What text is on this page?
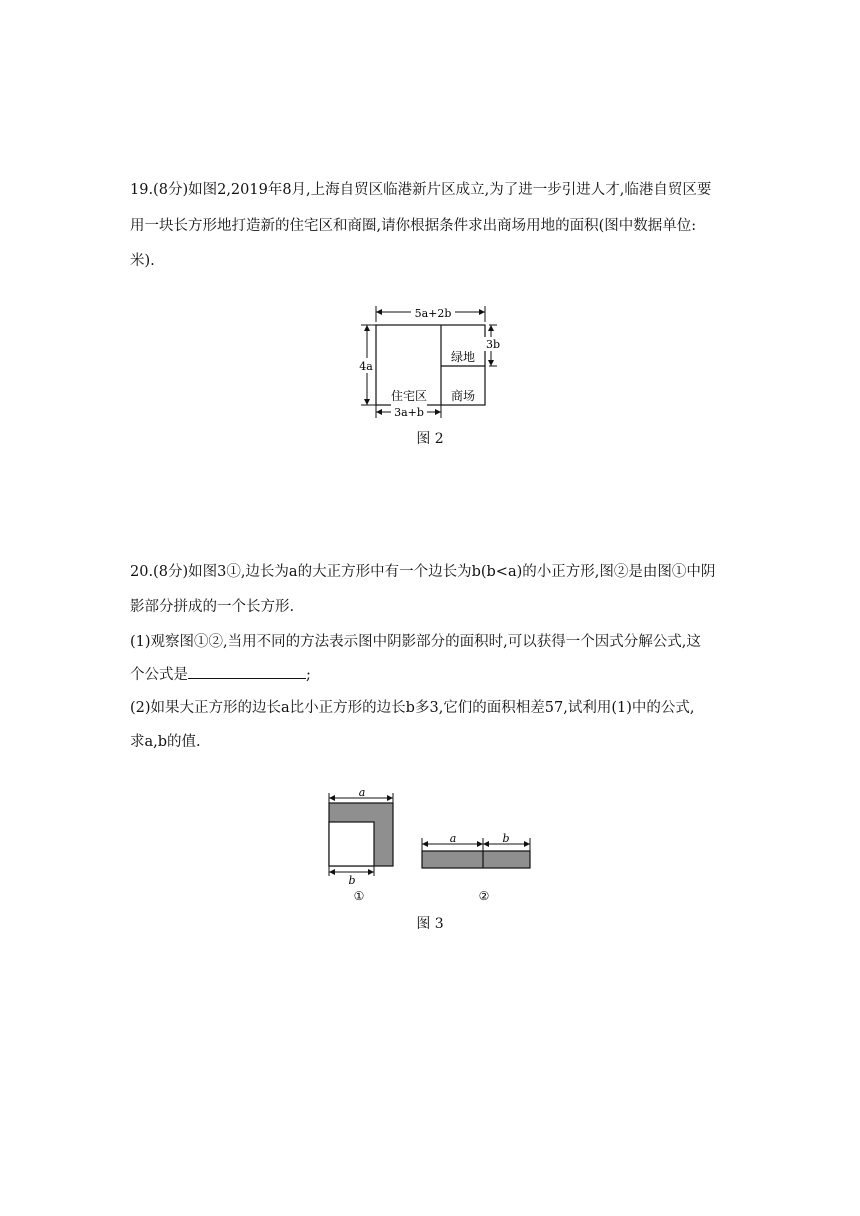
19.(8分)如图2,2019年8月,上海自贸区临港新片区成立,为了进一步引进人才,临港自贸区要
用一块长方形地打造新的住宅区和商圈,请你根据条件求出商场用地的面积(图中数据单位:
米).
5a+2b
4a
3b
住宅区
绿地
商场
3a+b
图 2
20.(8分)如图3①,边长为a的大正方形中有一个边长为b(b<a)的小正方形,图②是由图①中阴
影部分拼成的一个长方形.
(1)观察图①②,当用不同的方法表示图中阴影部分的面积时,可以获得一个因式分解公式,这
个公式是	;
(2)如果大正方形的边长a比小正方形的边长b多3,它们的面积相差57,试利用(1)中的公式,
求a,b的值.
a
b
①
a	b
②
图 3
